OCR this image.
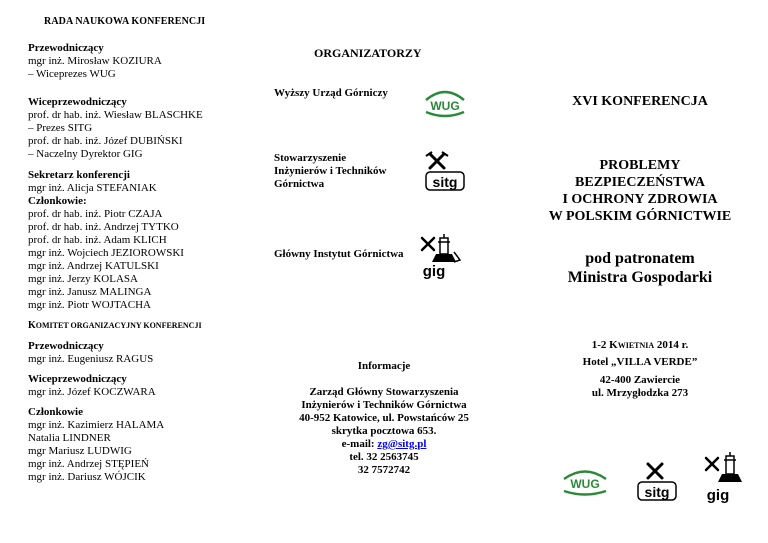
RADA NAUKOWA KONFERENCJI
Przewodniczący
mgr inż. Mirosław KOZIURA
– Wiceprezes WUG
Wiceprzewodniczący
prof. dr hab. inż. Wiesław BLASCHKE
– Prezes SITG
prof. dr hab. inż. Józef DUBIŃSKI
– Naczelny Dyrektor GIG
Sekretarz konferencji
mgr inż. Alicja STEFANIAK
Członkowie:
prof. dr hab. inż. Piotr CZAJA
prof. dr hab. inż. Andrzej TYTKO
prof. dr hab. inż. Adam KLICH
mgr inż. Wojciech JEZIOROWSKI
mgr inż. Andrzej KATULSKI
mgr inż. Jerzy KOLASA
mgr inż. Janusz MALINGA
mgr inż. Piotr WOJTACHA
KOMITET ORGANIZACYJNY KONFERENCJI
Przewodniczący
mgr inż. Eugeniusz RAGUS
Wiceprzewodniczący
mgr inż. Józef KOCZWARA
Członkowie
mgr inż. Kazimierz HALAMA
Natalia LINDNER
mgr Mariusz LUDWIG
mgr inż. Andrzej STĘPIEŃ
mgr inż. Dariusz WÓJCIK
ORGANIZATORZY
Wyższy Urząd Górniczy
WUG
Stowarzyszenie
Inżynierów i Techników
Górnictwa	sitg
Główny Instytut Górnictwa
gig
Informacje
Zarząd Główny Stowarzyszenia
Inżynierów i Techników Górnictwa
40-952 Katowice, ul. Powstańców 25
skrytka pocztowa 653.
e-mail: zg@sitg.pl
tel. 32 2563745
32 7572742
XVI KONFERENCJA
PROBLEMY
BEZPIECZEŃSTWA
I OCHRONY ZDROWIA
W POLSKIM GÓRNICTWIE
pod patronatem
Ministra Gospodarki
1-2 KWIETNIA 2014 r.
Hotel „VILLA VERDE”
42-400 Zawiercie
ul. Mrzygłodzka 273
WUG	sitg gig
